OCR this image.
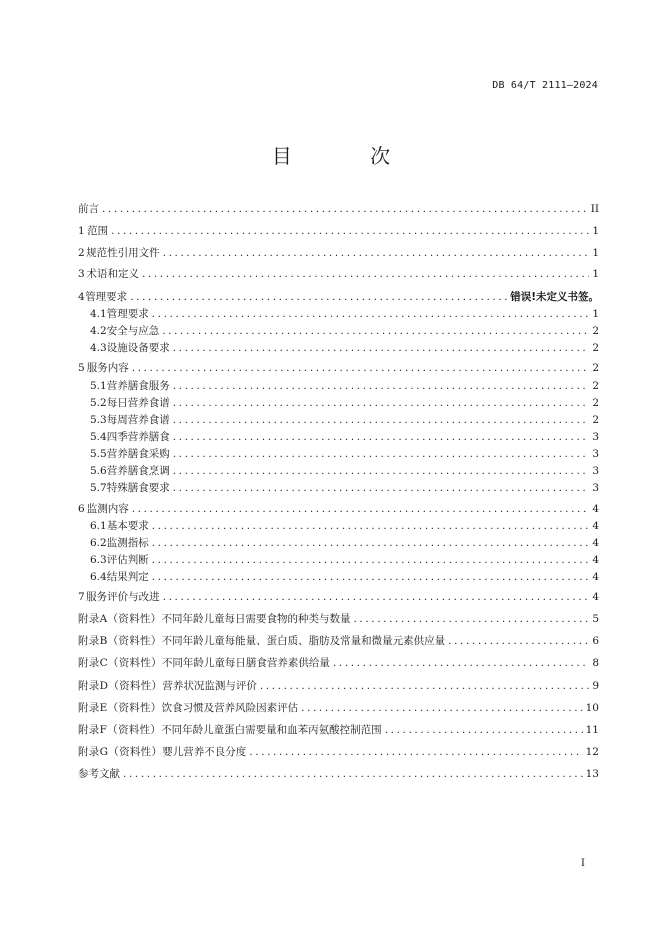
DB 64/T 2111—2024
目 次
前言 .....	II
1 范围 .....	1
2 规范性引用文件 .....	1
3 术语和定义 .....	1
4 管理要求 .....	错误!未定义书签。
4.1 管理要求 .....	1
4.2 安全与应急 .....	2
4.3 设施设备要求 .....	2
5 服务内容 .....	2
5.1 营养膳食服务 .....	2
5.2 每日营养食谱 .....	2
5.3 每周营养食谱 .....	2
5.4 四季营养膳食 .....	3
5.5 营养膳食采购 .....	3
5.6 营养膳食烹调 .....	3
5.7 特殊膳食要求 .....	3
6 监测内容 .....	4
6.1 基本要求 .....	4
6.2 监测指标 .....	4
6.3 评估判断 .....	4
6.4 结果判定 .....	4
7 服务评价与改进 .....	4
附录A（资料性） 不同年龄儿童每日需要食物的种类与数量 .....	5
附录B（资料性） 不同年龄儿童每能量、蛋白质、脂肪及常量和微量元素供应量 .....	6
附录C（资料性） 不同年龄儿童每日膳食营养素供给量 .....	8
附录D（资料性） 营养状况监测与评价 .....	9
附录E（资料性） 饮食习惯及营养风险因素评估 .....	10
附录F（资料性） 不同年龄儿童蛋白需要量和血苯丙氨酸控制范围 .....	11
附录G（资料性） 婴儿营养不良分度 .....	12
参考文献 .....	13
I
